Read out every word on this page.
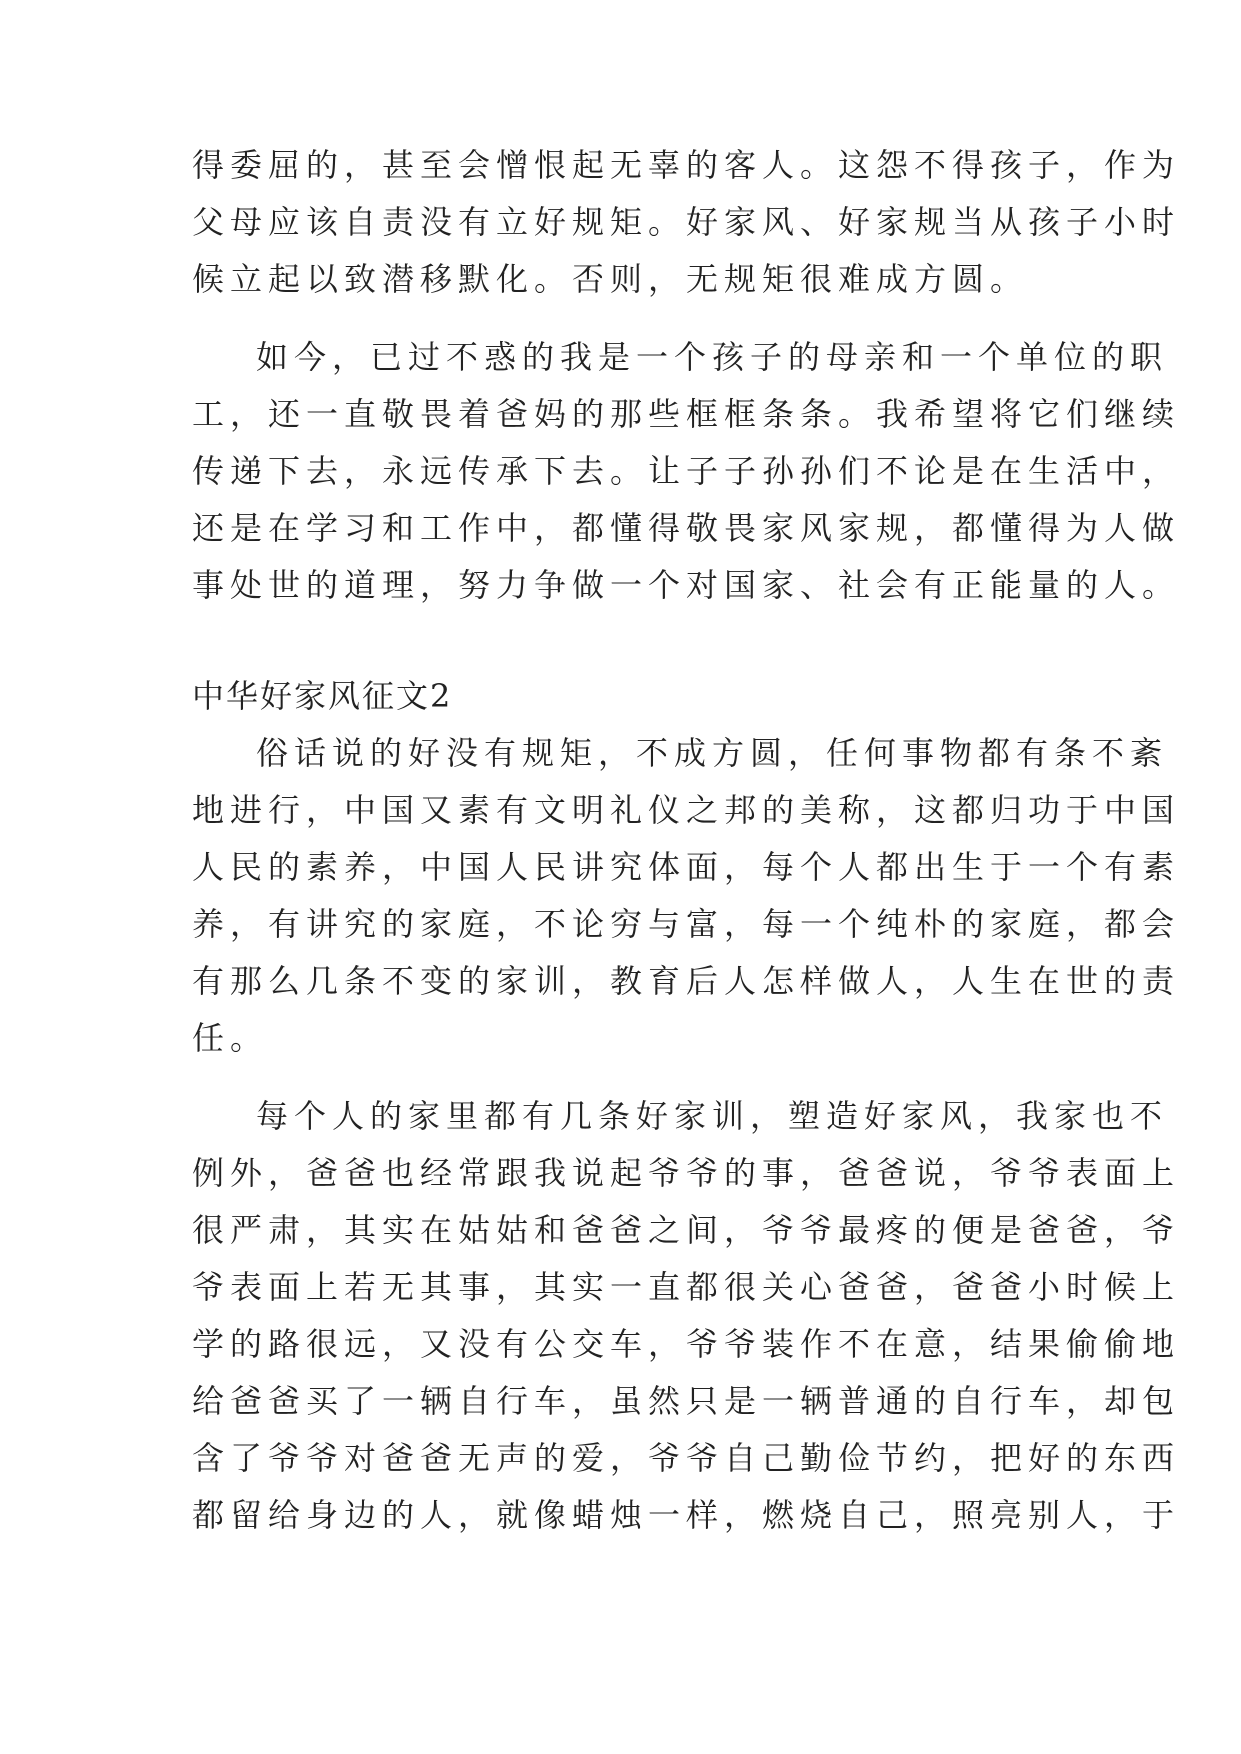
得委屈的，甚至会憎恨起无辜的客人。这怨不得孩子，作为
父母应该自责没有立好规矩。好家风、好家规当从孩子小时
候立起以致潜移默化。否则，无规矩很难成方圆。
如今，已过不惑的我是一个孩子的母亲和一个单位的职
工，还一直敬畏着爸妈的那些框框条条。我希望将它们继续
传递下去，永远传承下去。让子子孙孙们不论是在生活中，
还是在学习和工作中，都懂得敬畏家风家规，都懂得为人做
事处世的道理，努力争做一个对国家、社会有正能量的人。
中华好家风征文2
俗话说的好没有规矩，不成方圆，任何事物都有条不紊
地进行，中国又素有文明礼仪之邦的美称，这都归功于中国
人民的素养，中国人民讲究体面，每个人都出生于一个有素
养，有讲究的家庭，不论穷与富，每一个纯朴的家庭，都会
有那么几条不变的家训，教育后人怎样做人，人生在世的责
任。
每个人的家里都有几条好家训，塑造好家风，我家也不
例外，爸爸也经常跟我说起爷爷的事，爸爸说，爷爷表面上
很严肃，其实在姑姑和爸爸之间，爷爷最疼的便是爸爸，爷
爷表面上若无其事，其实一直都很关心爸爸，爸爸小时候上
学的路很远，又没有公交车，爷爷装作不在意，结果偷偷地
给爸爸买了一辆自行车，虽然只是一辆普通的自行车，却包
含了爷爷对爸爸无声的爱，爷爷自己勤俭节约，把好的东西
都留给身边的人，就像蜡烛一样，燃烧自己，照亮别人，于
